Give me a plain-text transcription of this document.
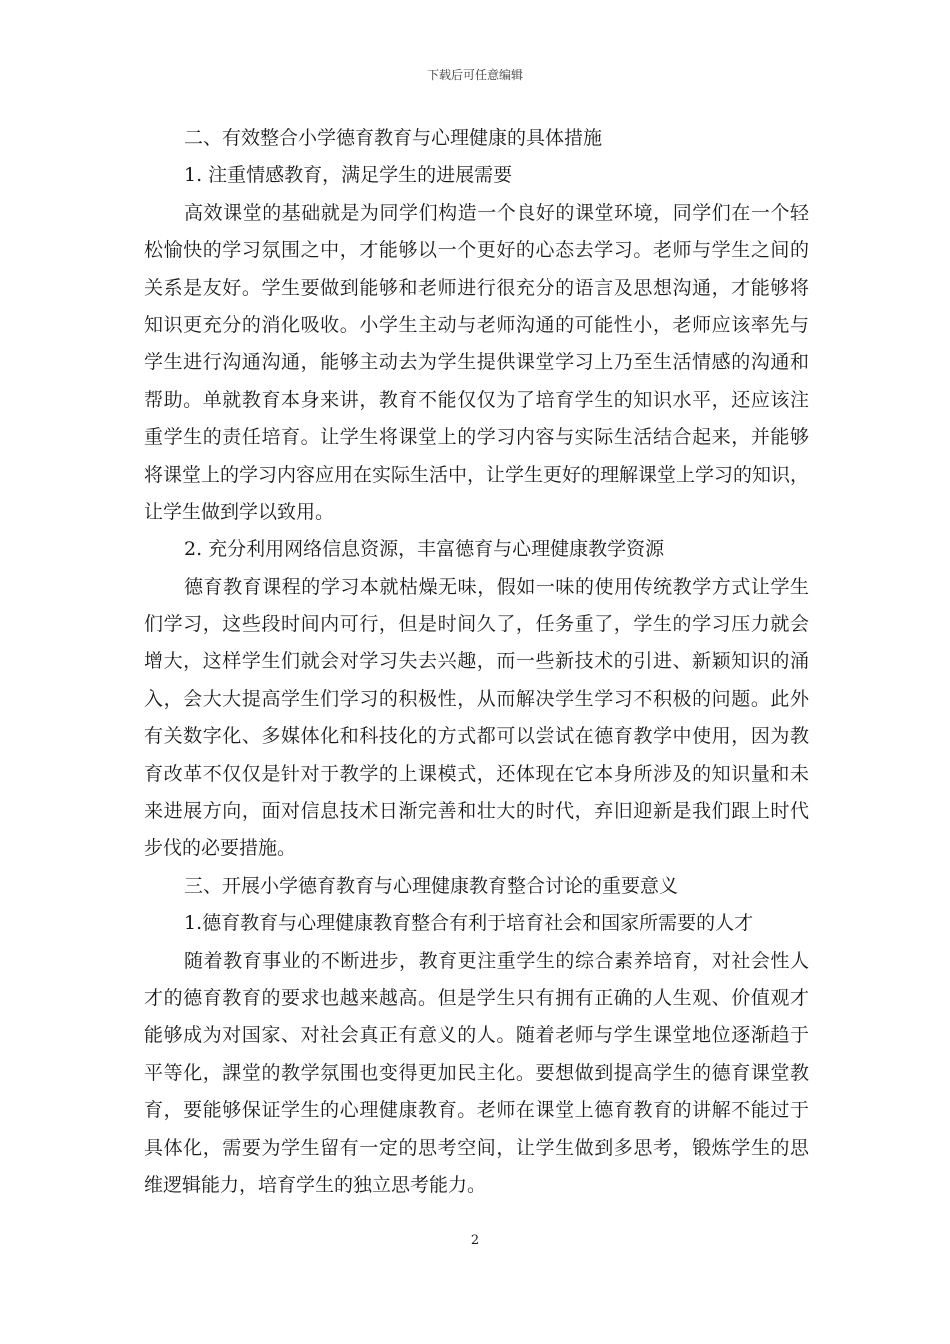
下载后可任意编辑
二、有效整合小学德育教育与心理健康的具体措施
1. 注重情感教育，满足学生的进展需要
高效课堂的基础就是为同学们构造一个良好的课堂环境，同学们在一个轻
松愉快的学习氛围之中，才能够以一个更好的心态去学习。老师与学生之间的
关系是友好。学生要做到能够和老师进行很充分的语言及思想沟通，才能够将
知识更充分的消化吸收。小学生主动与老师沟通的可能性小，老师应该率先与
学生进行沟通沟通，能够主动去为学生提供课堂学习上乃至生活情感的沟通和
帮助。单就教育本身来讲，教育不能仅仅为了培育学生的知识水平，还应该注
重学生的责任培育。让学生将课堂上的学习内容与实际生活结合起来，并能够
将课堂上的学习内容应用在实际生活中，让学生更好的理解课堂上学习的知识，
让学生做到学以致用。
2. 充分利用网络信息资源，丰富德育与心理健康教学资源
德育教育课程的学习本就枯燥无味，假如一味的使用传统教学方式让学生
们学习，这些段时间内可行，但是时间久了，任务重了，学生的学习压力就会
增大，这样学生们就会对学习失去兴趣，而一些新技术的引进、新颖知识的涌
入，会大大提高学生们学习的积极性，从而解决学生学习不积极的问题。此外
有关数字化、多媒体化和科技化的方式都可以尝试在德育教学中使用，因为教
育改革不仅仅是针对于教学的上课模式，还体现在它本身所涉及的知识量和未
来进展方向，面对信息技术日渐完善和壮大的时代，弃旧迎新是我们跟上时代
步伐的必要措施。
三、开展小学德育教育与心理健康教育整合讨论的重要意义
1.德育教育与心理健康教育整合有利于培育社会和国家所需要的人才
随着教育事业的不断进步，教育更注重学生的综合素养培育，对社会性人
才的德育教育的要求也越来越高。但是学生只有拥有正确的人生观、价值观才
能够成为对国家、对社会真正有意义的人。随着老师与学生课堂地位逐渐趋于
平等化，課堂的教学氛围也变得更加民主化。要想做到提高学生的德育课堂教
育，要能够保证学生的心理健康教育。老师在课堂上德育教育的讲解不能过于
具体化，需要为学生留有一定的思考空间，让学生做到多思考，锻炼学生的思
维逻辑能力，培育学生的独立思考能力。
2
